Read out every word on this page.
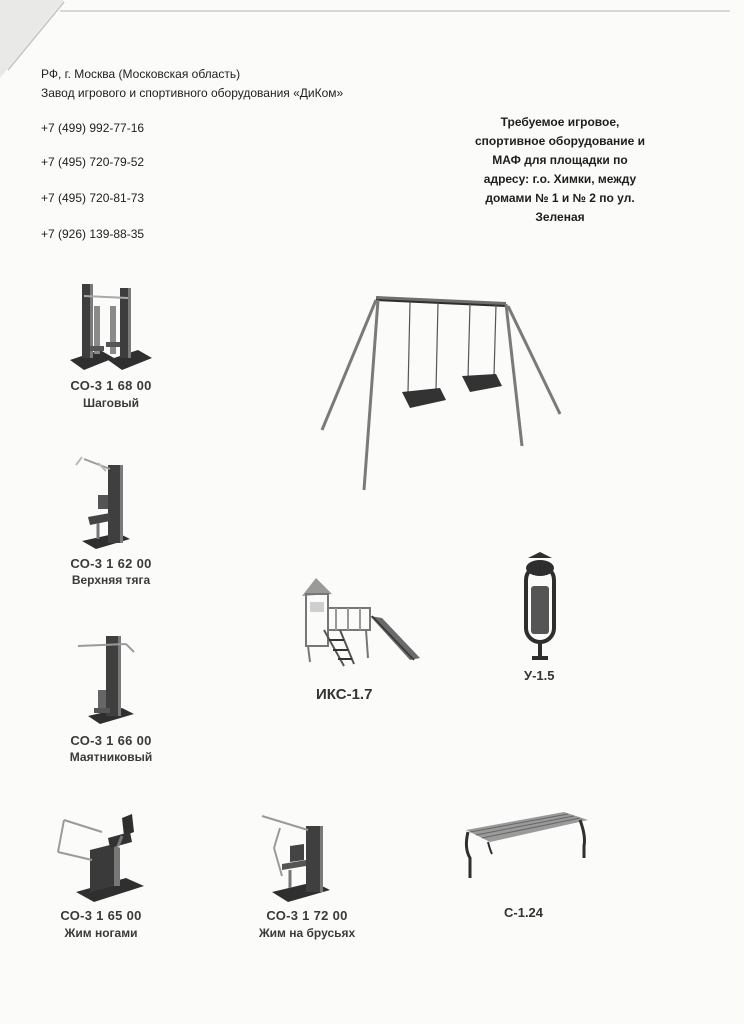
РФ, г. Москва (Московская область)
Завод игрового и спортивного оборудования «ДиКом»
+7 (499) 992-77-16
+7 (495) 720-79-52
+7 (495) 720-81-73
+7 (926) 139-88-35
Требуемое игровое,
спортивное оборудование и
МАФ для площадки по
адресу: г.о. Химки, между
домами № 1 и № 2 по ул.
Зеленая
СО-3 1 68 00
Шаговый
СО-3 1 62 00
Верхняя тяга
СО-3 1 66 00
Маятниковый
СО-3 1 65 00
Жим ногами
СО-3 1 72 00
Жим на брусьях
ИКС-1.7
У-1.5
С-1.24
